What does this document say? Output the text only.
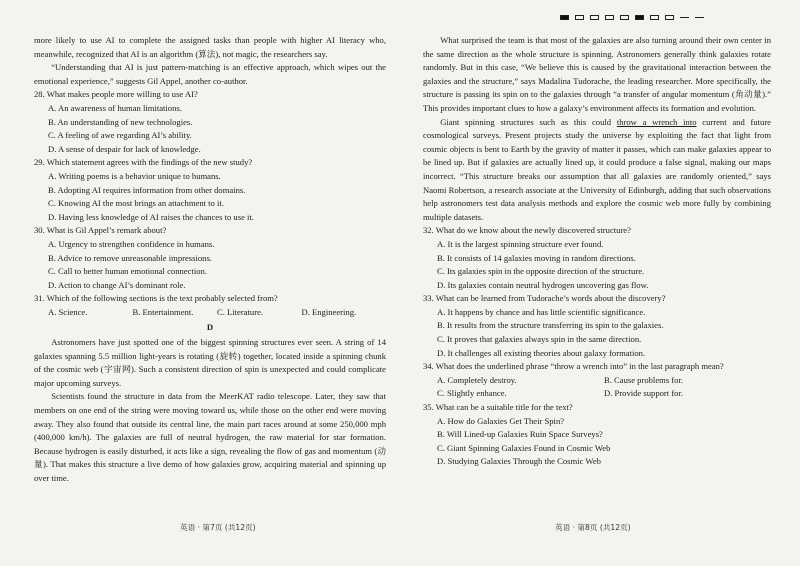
more likely to use AI to complete the assigned tasks than people with higher AI literacy who, meanwhile, recognized that AI is an algorithm (算法), not magic, the researchers say.

“Understanding that AI is just pattern-matching is an effective approach, which wipes out the emotional experience,” suggests Gil Appel, another co-author.

28. What makes people more willing to use AI?

A. An awareness of human limitations.

B. An understanding of new technologies.

C. A feeling of awe regarding AI’s ability.

D. A sense of despair for lack of knowledge.

29. Which statement agrees with the findings of the new study?

A. Writing poems is a behavior unique to humans.

B. Adopting AI requires information from other domains.

C. Knowing AI the most brings an attachment to it.

D. Having less knowledge of AI raises the chances to use it.

30. What is Gil Appel’s remark about?

A. Urgency to strengthen confidence in humans.

B. Advice to remove unreasonable impressions.

C. Call to better human emotional connection.

D. Action to change AI’s dominant role.

31. Which of the following sections is the text probably selected from?

A. Science.	B. Entertainment.	C. Literature.	D. Engineering.

D

Astronomers have just spotted one of the biggest spinning structures ever seen. A string of 14 galaxies spanning 5.5 million light-years is rotating (旋转) together, located inside a spinning chunk of the cosmic web (宇宙网). Such a consistent direction of spin is unexpected and could complicate major upcoming surveys.

Scientists found the structure in data from the MeerKAT radio telescope. Later, they saw that members on one end of the string were moving toward us, while those on the other end were moving away. They also found that outside its central line, the main part races around at some 250,000 mph (400,000 km/h). The galaxies are full of neutral hydrogen, the raw material for star formation. Because hydrogen is easily disturbed, it acts like a sign, revealing the flow of gas and momentum (动量). That makes this structure a live demo of how galaxies grow, acquiring material and spinning up over time.

What surprised the team is that most of the galaxies are also turning around their own center in the same direction as the whole structure is spinning. Astronomers generally think galaxies rotate randomly. But in this case, “We believe this is caused by the gravitational interaction between the galaxies and the structure,” says Madalina Tudorache, the leading researcher. More specifically, the structure is passing its spin on to the galaxies through “a transfer of angular momentum (角动量).” This provides important clues to how a galaxy’s environment affects its formation and evolution.

Giant spinning structures such as this could throw a wrench into current and future cosmological surveys. Present projects study the universe by exploiting the fact that light from cosmic objects is bent to Earth by the gravity of matter it passes, which can make galaxies appear to be lined up. But if galaxies are actually lined up, it could produce a false signal, making our maps incorrect. “This structure breaks our assumption that all galaxies are randomly oriented,” says Naomi Robertson, a research associate at the University of Edinburgh, adding that such observations help astronomers test data analysis methods and explore the cosmic web more fully by combining multiple datasets.

32. What do we know about the newly discovered structure?

A. It is the largest spinning structure ever found.

B. It consists of 14 galaxies moving in random directions.

C. Its galaxies spin in the opposite direction of the structure.

D. Its galaxies contain neutral hydrogen uncovering gas flow.

33. What can be learned from Tudorache’s words about the discovery?

A. It happens by chance and has little scientific significance.

B. It results from the structure transferring its spin to the galaxies.

C. It proves that galaxies always spin in the same direction.

D. It challenges all existing theories about galaxy formation.

34. What does the underlined phrase “throw a wrench into” in the last paragraph mean?

A. Completely destroy.	B. Cause problems for.
C. Slightly enhance.	D. Provide support for.

35. What can be a suitable title for the text?

A. How do Galaxies Get Their Spin?

B. Will Lined-up Galaxies Ruin Space Surveys?

C. Giant Spinning Galaxies Found in Cosmic Web

D. Studying Galaxies Through the Cosmic Web

英语 · 第7页 (共12页)	英语 · 第8页 (共12页)
